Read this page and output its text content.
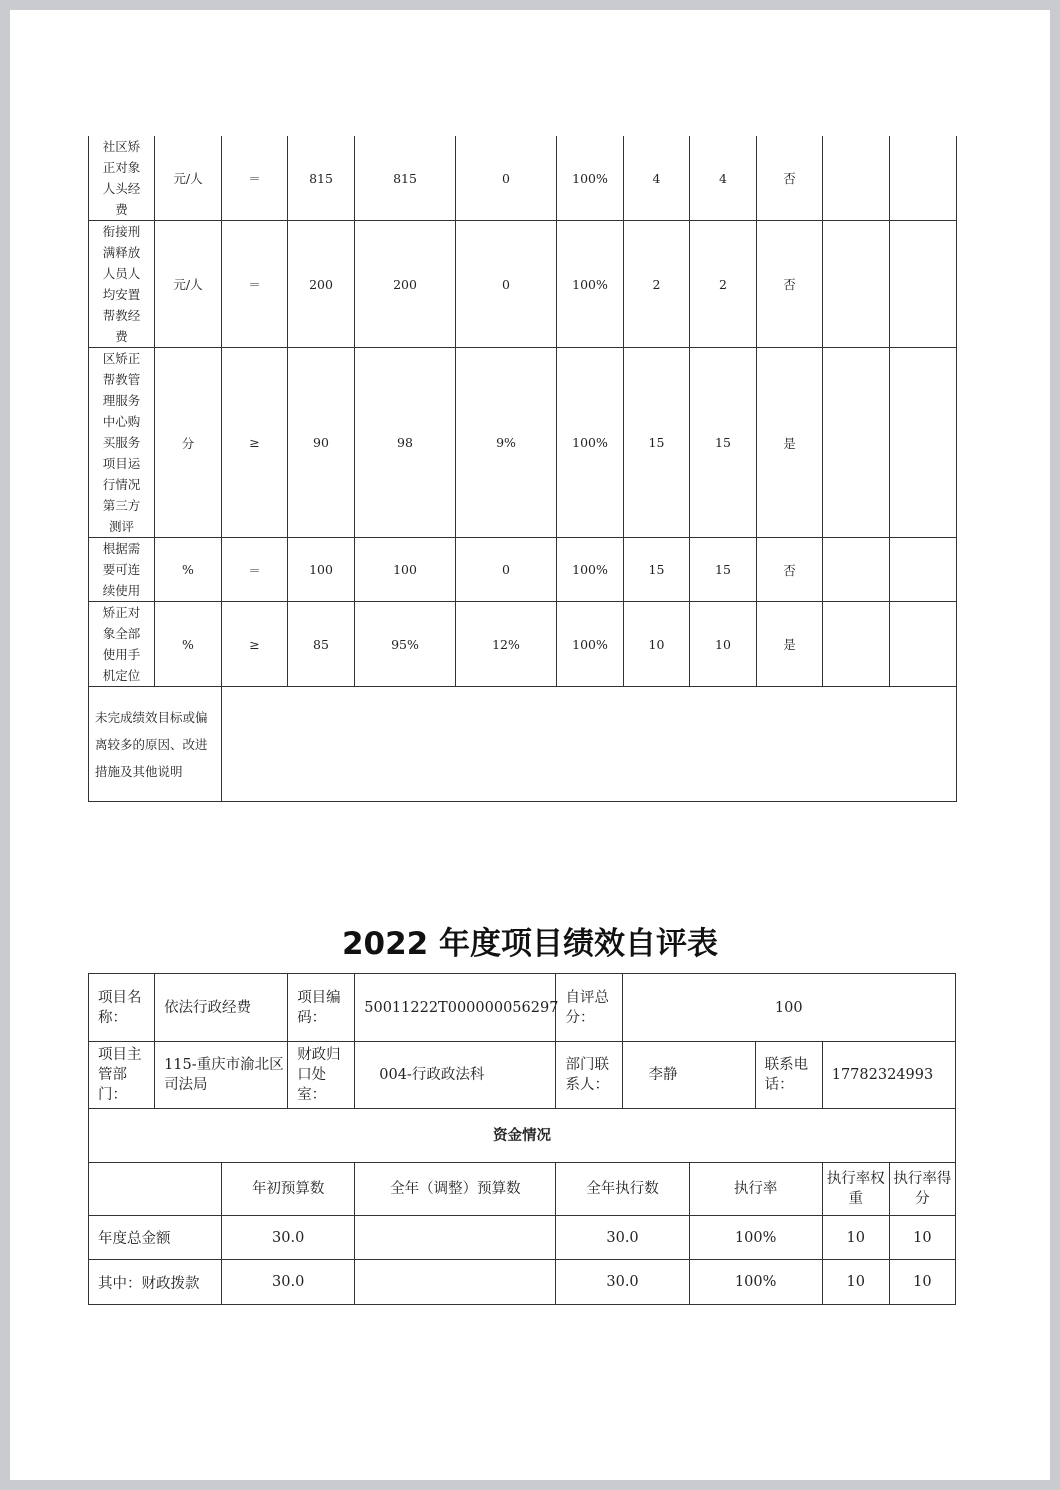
社区矫正对象人头经费	元/人	＝	815	815	0	100%	4	4	否		

衔接刑满释放人员人均安置帮教经费	元/人	＝	200	200	0	100%	2	2	否		

区矫正帮教管理服务中心购买服务项目运行情况第三方测评	分	≥	90	98	9%	100%	15	15	是		

根据需要可连续使用	%	＝	100	100	0	100%	15	15	否		

矫正对象全部使用手机定位	%	≥	85	95%	12%	100%	10	10	是		

未完成绩效目标或偏离较多的原因、改进措施及其他说明											

2022 年度项目绩效自评表
项目名称：	依法行政经费		项目编码：	50011222T000000056297	自评总分：	100				
项目主管部门：	115-重庆市渝北区司法局		财政归口处室：	004-行政政法科	部门联系人：	李静		联系电话：	17782324993	
资金情况										
		年初预算数		全年（调整）预算数	全年执行数		执行率		执行率权重	执行率得分
年度总金额		30.0			30.0		100%		10	10
其中：财政拨款		30.0			30.0		100%		10	10
